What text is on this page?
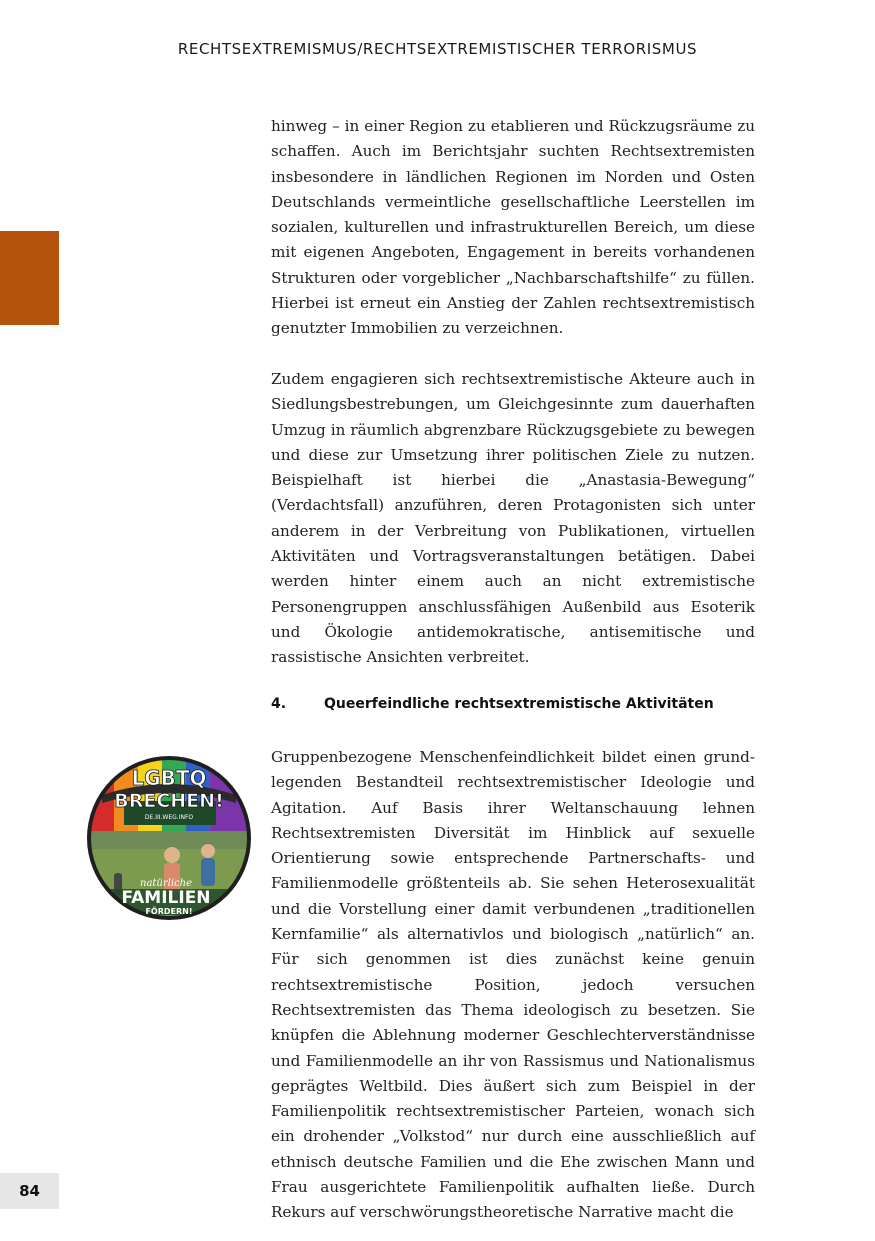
RECHTSEXTREMISMUS/RECHTSEXTREMISTISCHER TERRORISMUS

hinweg – in einer Region zu etablieren und Rückzugsräume zu schaffen. Auch im Berichtsjahr suchten Rechtsextremisten insbesondere in ländlichen Regionen im Norden und Osten Deutschlands vermeintliche gesellschaftliche Leerstellen im sozialen, kulturellen und infrastrukturellen Bereich, um diese mit eigenen Angeboten, Engagement in bereits vorhandenen Strukturen oder vorgeblicher „Nachbarschaftshilfe“ zu füllen. Hierbei ist erneut ein Anstieg der Zahlen rechtsextremistisch genutzter Immobilien zu verzeichnen.

Zudem engagieren sich rechtsextremistische Akteure auch in Siedlungsbestrebungen, um Gleichgesinnte zum dauerhaften Umzug in räumlich abgrenzbare Rückzugsgebiete zu bewegen und diese zur Umsetzung ihrer politischen Ziele zu nutzen. Beispielhaft ist hierbei die „Anastasia-Bewegung“ (Verdachtsfall) anzuführen, deren Protagonisten sich unter anderem in der Verbreitung von Publikationen, virtuellen Aktivitäten und Vortragsveranstaltungen betätigen. Dabei werden hinter einem auch an nicht extremistische Personengruppen anschlussfähigen Außenbild aus Esoterik und Ökologie antidemokratische, antisemitische und rassistische Ansichten verbreitet.

4.	Queerfeindliche rechtsextremistische Aktivitäten
LGBTQ
BRECHEN!
DE.III.WEG.INFO
natürliche
FAMILIEN
FÖRDERN!

Gruppenbezogene Menschenfeindlichkeit bildet einen grundlegenden Bestandteil rechtsextremistischer Ideologie und Agitation. Auf Basis ihrer Weltanschauung lehnen Rechtsextremisten Diversität im Hinblick auf sexuelle Orientierung sowie entsprechende Partnerschafts- und Familienmodelle größtenteils ab. Sie sehen Heterosexualität und die Vorstellung einer damit verbundenen „traditionellen Kernfamilie“ als alternativlos und biologisch „natürlich“ an. Für sich genommen ist dies zunächst keine genuin rechtsextremistische Position, jedoch versuchen Rechtsextremisten das Thema ideologisch zu besetzen. Sie knüpfen die Ablehnung moderner Geschlechterverständnisse und Familienmodelle an ihr von Rassismus und Nationalismus geprägtes Weltbild. Dies äußert sich zum Beispiel in der Familienpolitik rechtsextremistischer Parteien, wonach sich ein drohender „Volkstod“ nur durch eine ausschließlich auf ethnisch deutsche Familien und die Ehe zwischen Mann und Frau ausgerichtete Familienpolitik aufhalten ließe. Durch Rekurs auf verschwörungstheoretische Narrative macht die

84
